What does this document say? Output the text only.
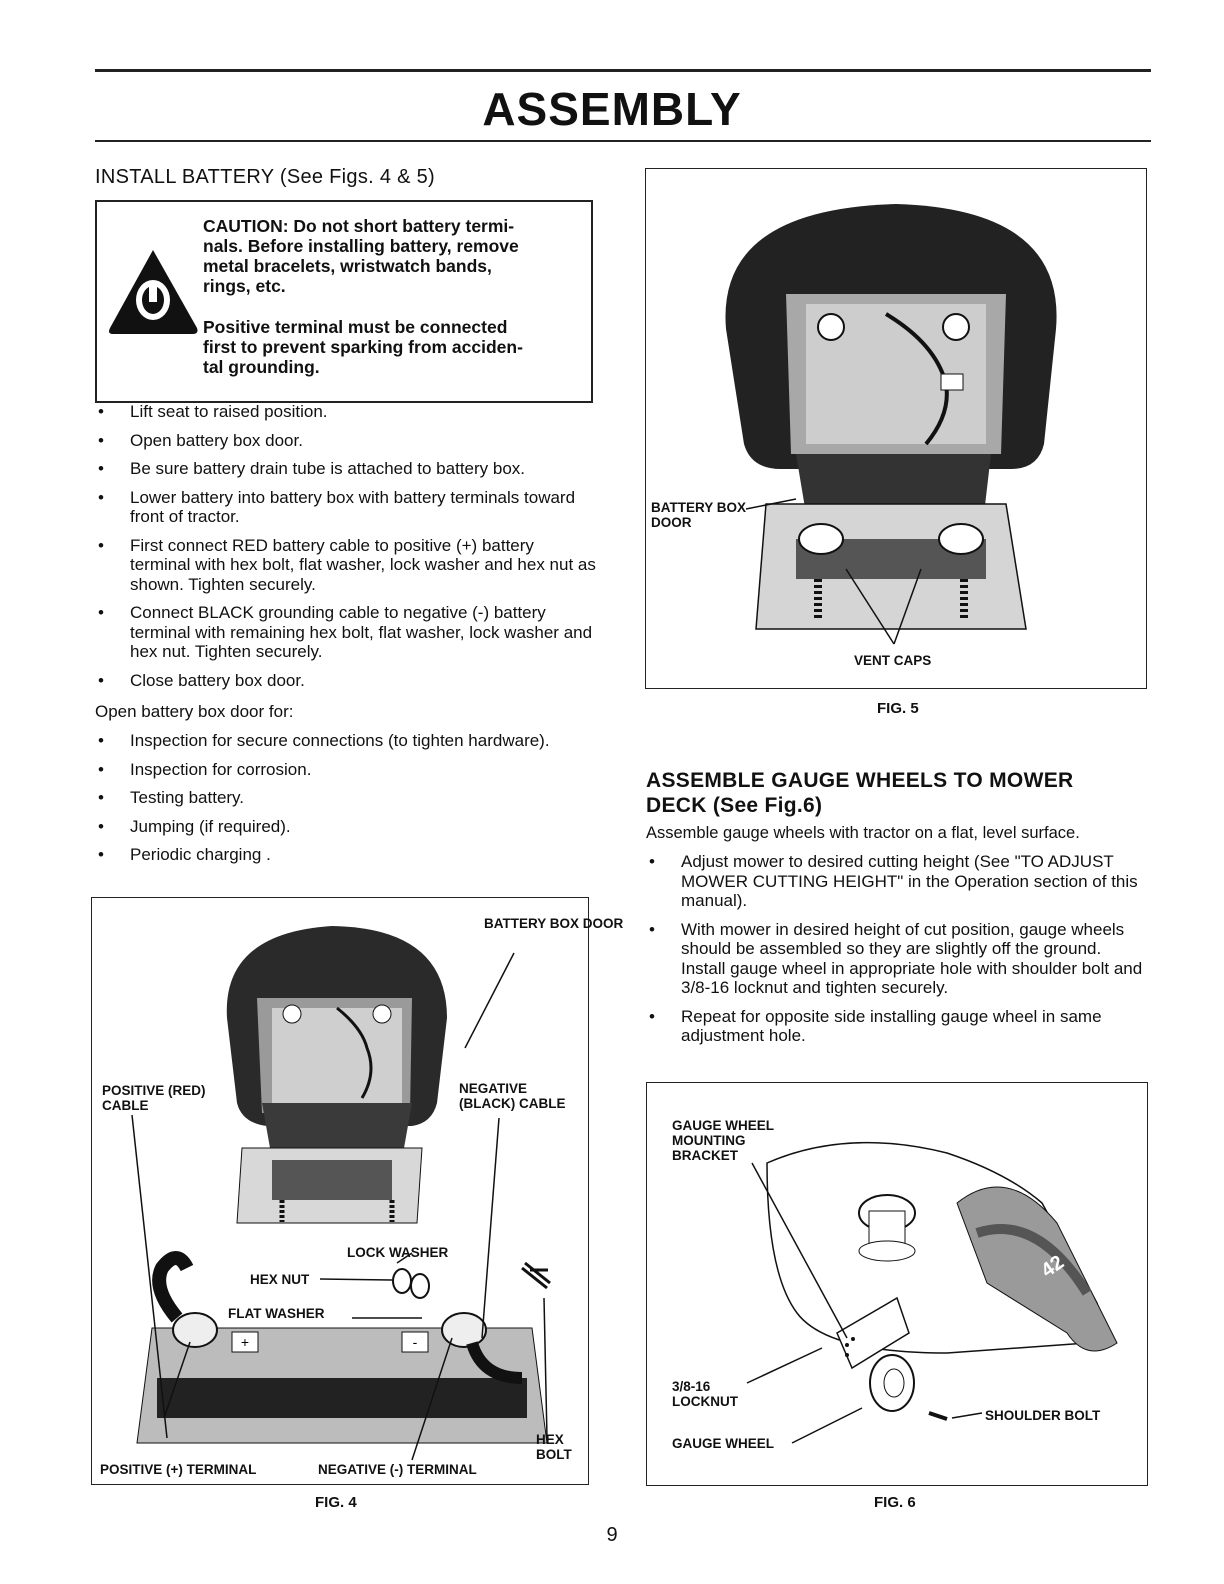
ASSEMBLY
INSTALL BATTERY (See Figs. 4 & 5)
CAUTION: Do not short battery termi-
nals. Before installing battery, remove
metal bracelets, wristwatch bands,
rings, etc.
Positive terminal must be connected
first to prevent sparking from acciden-
tal grounding.
• Lift seat to raised position.
• Open battery box door.
• Be sure battery drain tube is attached to battery box.
• Lower battery into battery box with battery terminals toward front of tractor.
• First connect RED battery cable to positive (+) battery terminal with hex bolt, flat washer, lock washer and hex nut as shown. Tighten securely.
• Connect BLACK grounding cable to negative (-) battery terminal with remaining hex bolt, flat washer, lock washer and hex nut. Tighten securely.
• Close battery box door.
Open battery box door for:
• Inspection for secure connections (to tighten hardware).
• Inspection for corrosion.
• Testing battery.
• Jumping (if required).
• Periodic charging .
+	-
BATTERY BOX DOOR
POSITIVE (RED) CABLE
NEGATIVE (BLACK) CABLE
LOCK WASHER
HEX NUT
FLAT WASHER
HEX BOLT
POSITIVE (+) TERMINAL	NEGATIVE (-) TERMINAL
FIG. 4
BATTERY BOX DOOR
VENT CAPS
FIG. 5
ASSEMBLE GAUGE WHEELS TO MOWER
DECK (See Fig.6)
Assemble gauge wheels with tractor on a flat, level surface.
• Adjust mower to desired cutting height (See "TO ADJUST MOWER CUTTING HEIGHT" in the Operation section of this manual).
• With mower in desired height of cut position, gauge wheels should be assembled so they are slightly off the ground. Install gauge wheel in appropriate hole with shoulder bolt and 3/8-16 locknut and tighten securely.
• Repeat for opposite side installing gauge wheel in same adjustment hole.
42
GAUGE WHEEL
MOUNTING
BRACKET
3/8-16
LOCKNUT
GAUGE WHEEL
SHOULDER BOLT
FIG. 6
9
